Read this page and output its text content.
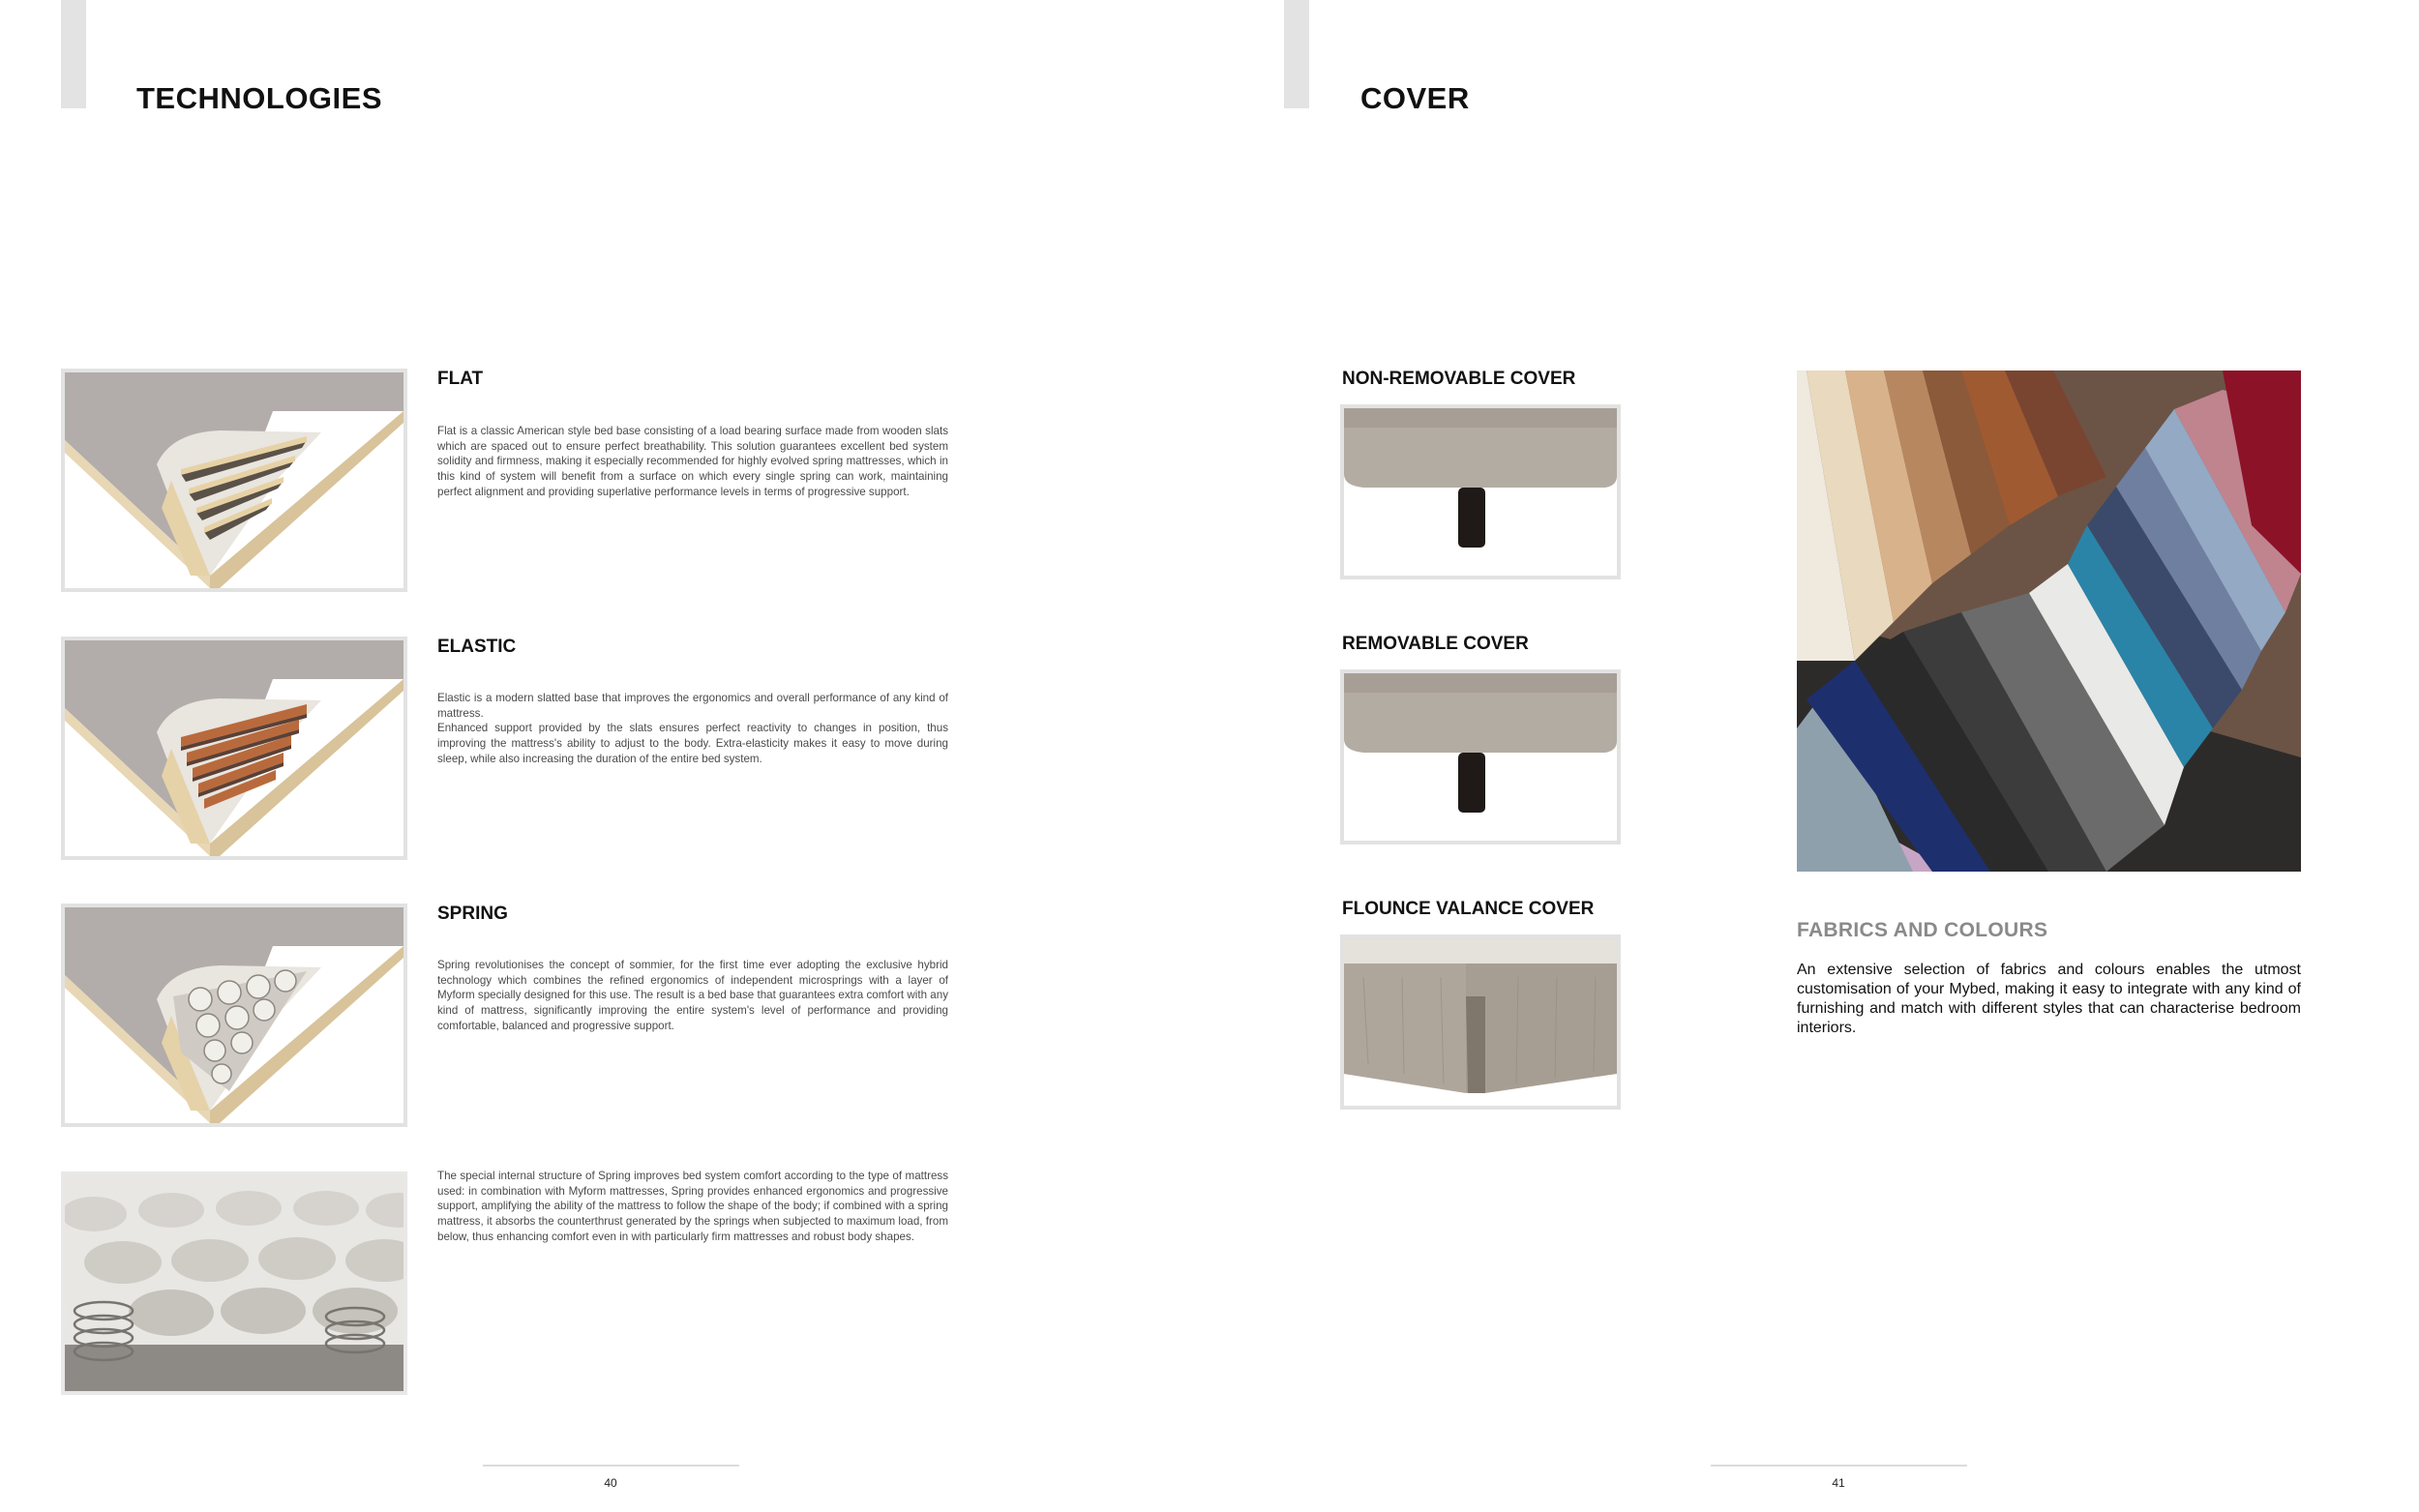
TECHNOLOGIES
FLAT

Flat is a classic American style bed base consisting of a load bearing surface made from wooden slats which are spaced out to ensure perfect breathability. This solution guarantees excellent bed system solidity and firmness, making it especially recommended for highly evolved spring mattresses, which in this kind of system will benefit from a surface on which every single spring can work, maintaining perfect alignment and providing superlative performance levels in terms of progressive support.

ELASTIC

Elastic is a modern slatted base that improves the ergonomics and overall performance of any kind of mattress.
Enhanced support provided by the slats ensures perfect reactivity to changes in position, thus improving the mattress's ability to adjust to the body. Extra-elasticity makes it easy to move during sleep, while also increasing the duration of the entire bed system.

SPRING

Spring revolutionises the concept of sommier, for the first time ever adopting the exclusive hybrid technology which combines the refined ergonomics of independent microsprings with a layer of Myform specially designed for this use. The result is a bed base that guarantees extra comfort with any kind of mattress, significantly improving the entire system's level of performance and providing comfortable, balanced and progressive support.

The special internal structure of Spring improves bed system comfort according to the type of mattress used: in combination with Myform mattresses, Spring provides enhanced ergonomics and progressive support, amplifying the ability of the mattress to follow the shape of the body; if combined with a spring mattress, it absorbs the counterthrust generated by the springs when subjected to maximum load, from below, thus enhancing comfort even in with particularly firm mattresses and robust body shapes.

40
COVER
NON-REMOVABLE COVER
REMOVABLE COVER
FLOUNCE VALANCE COVER
FABRICS AND COLOURS

An extensive selection of fabrics and colours enables the utmost customisation of your Mybed, making it easy to integrate with any kind of furnishing and match with different styles that can characterise bedroom interiors.

41
